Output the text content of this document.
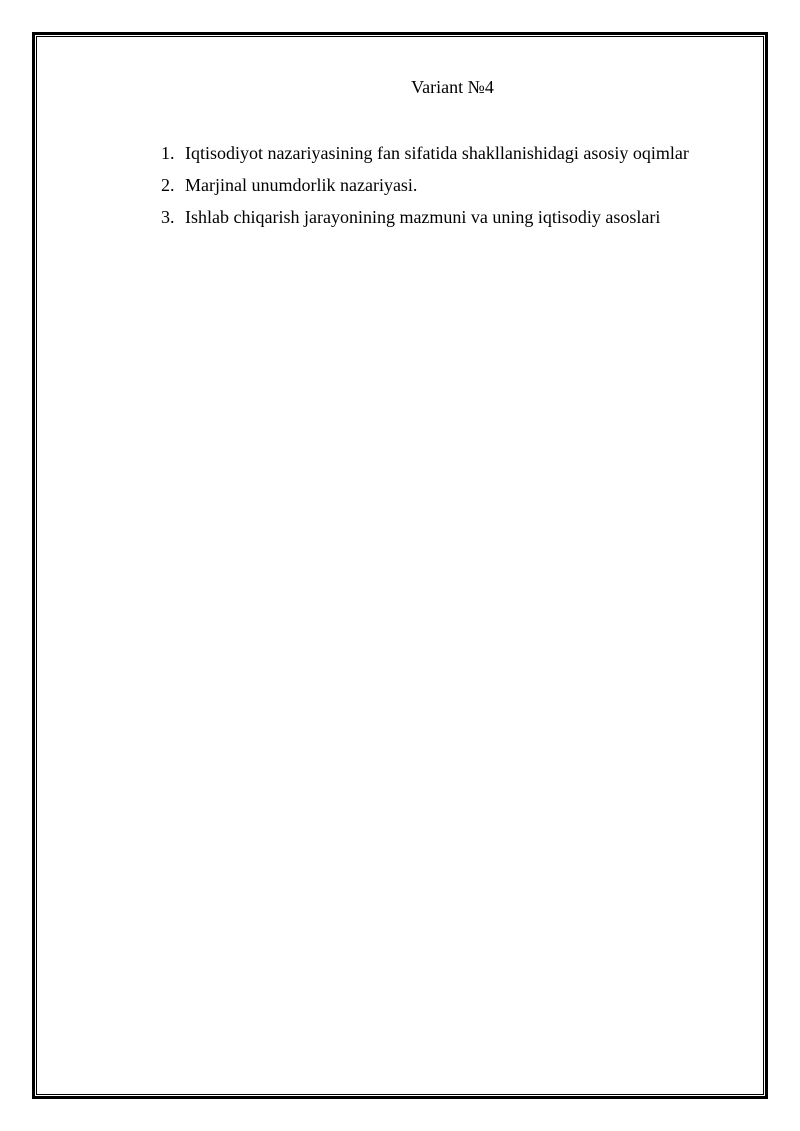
Variant №4
1. Iqtisodiyot nazariyasining fan sifatida shakllanishidagi asosiy oqimlar
2. Marjinal unumdorlik nazariyasi.
3. Ishlab chiqarish jarayonining mazmuni va uning iqtisodiy asoslari
